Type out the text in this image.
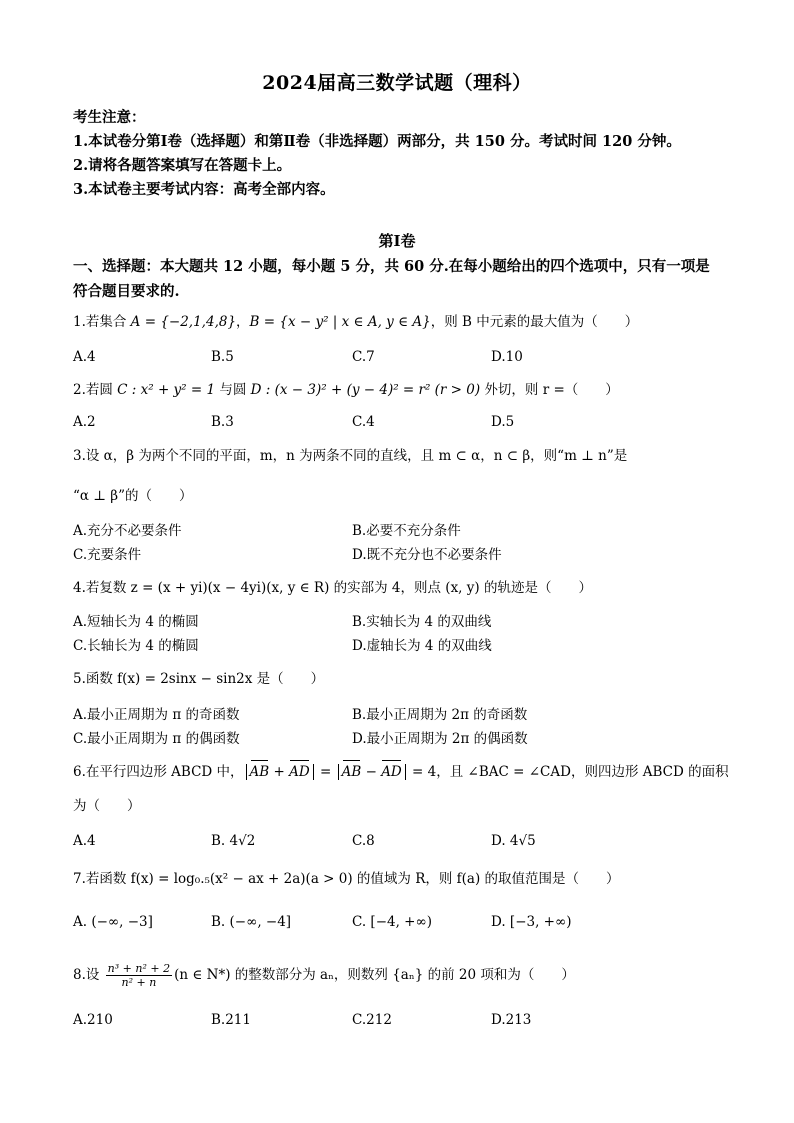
2024届高三数学试题（理科）
考生注意：
1.本试卷分第Ⅰ卷（选择题）和第Ⅱ卷（非选择题）两部分，共 150 分。考试时间 120 分钟。
2.请将各题答案填写在答题卡上。
3.本试卷主要考试内容：高考全部内容。
第Ⅰ卷
一、选择题：本大题共 12 小题，每小题 5 分，共 60 分.在每小题给出的四个选项中，只有一项是符合题目要求的.
1.若集合 A = {−2,1,4,8}，B = {x − y² | x ∈ A, y ∈ A}，则 B 中元素的最大值为（　　）
A.4	B.5	C.7	D.10
2.若圆 C : x² + y² = 1 与圆 D : (x − 3)² + (y − 4)² = r² (r > 0) 外切，则 r =（　　）
A.2	B.3	C.4	D.5
3.设 α，β 为两个不同的平面，m，n 为两条不同的直线，且 m ⊂ α，n ⊂ β，则“m ⊥ n”是
“α ⊥ β”的（　　）
A.充分不必要条件	B.必要不充分条件
C.充要条件	D.既不充分也不必要条件
4.若复数 z = (x + yi)(x − 4yi)(x, y ∈ R) 的实部为 4，则点 (x, y) 的轨迹是（　　）
A.短轴长为 4 的椭圆	B.实轴长为 4 的双曲线
C.长轴长为 4 的椭圆	D.虚轴长为 4 的双曲线
5.函数 f(x) = 2sinx − sin2x 是（　　）
A.最小正周期为 π 的奇函数	B.最小正周期为 2π 的奇函数
C.最小正周期为 π 的偶函数	D.最小正周期为 2π 的偶函数
6.在平行四边形 ABCD 中， AB + AD = AB − AD = 4，且 ∠BAC = ∠CAD，则四边形 ABCD 的面积
为（　　）
A.4	B. 4√2	C.8	D. 4√5
7.若函数 f(x) = log₀.₅(x² − ax + 2a)(a > 0) 的值域为 R，则 f(a) 的取值范围是（　　）
A. (−∞, −3]	B. (−∞, −4]	C. [−4, +∞)	D. [−3, +∞)
8.设 $\frac{\text{n³ + n² + 2}}{\text{n² + n}} (n$ ∈ N*) 的整数部分为 aₙ，则数列 {aₙ} 的前 20 项和为（　　）
A.210	B.211	C.212	D.213
